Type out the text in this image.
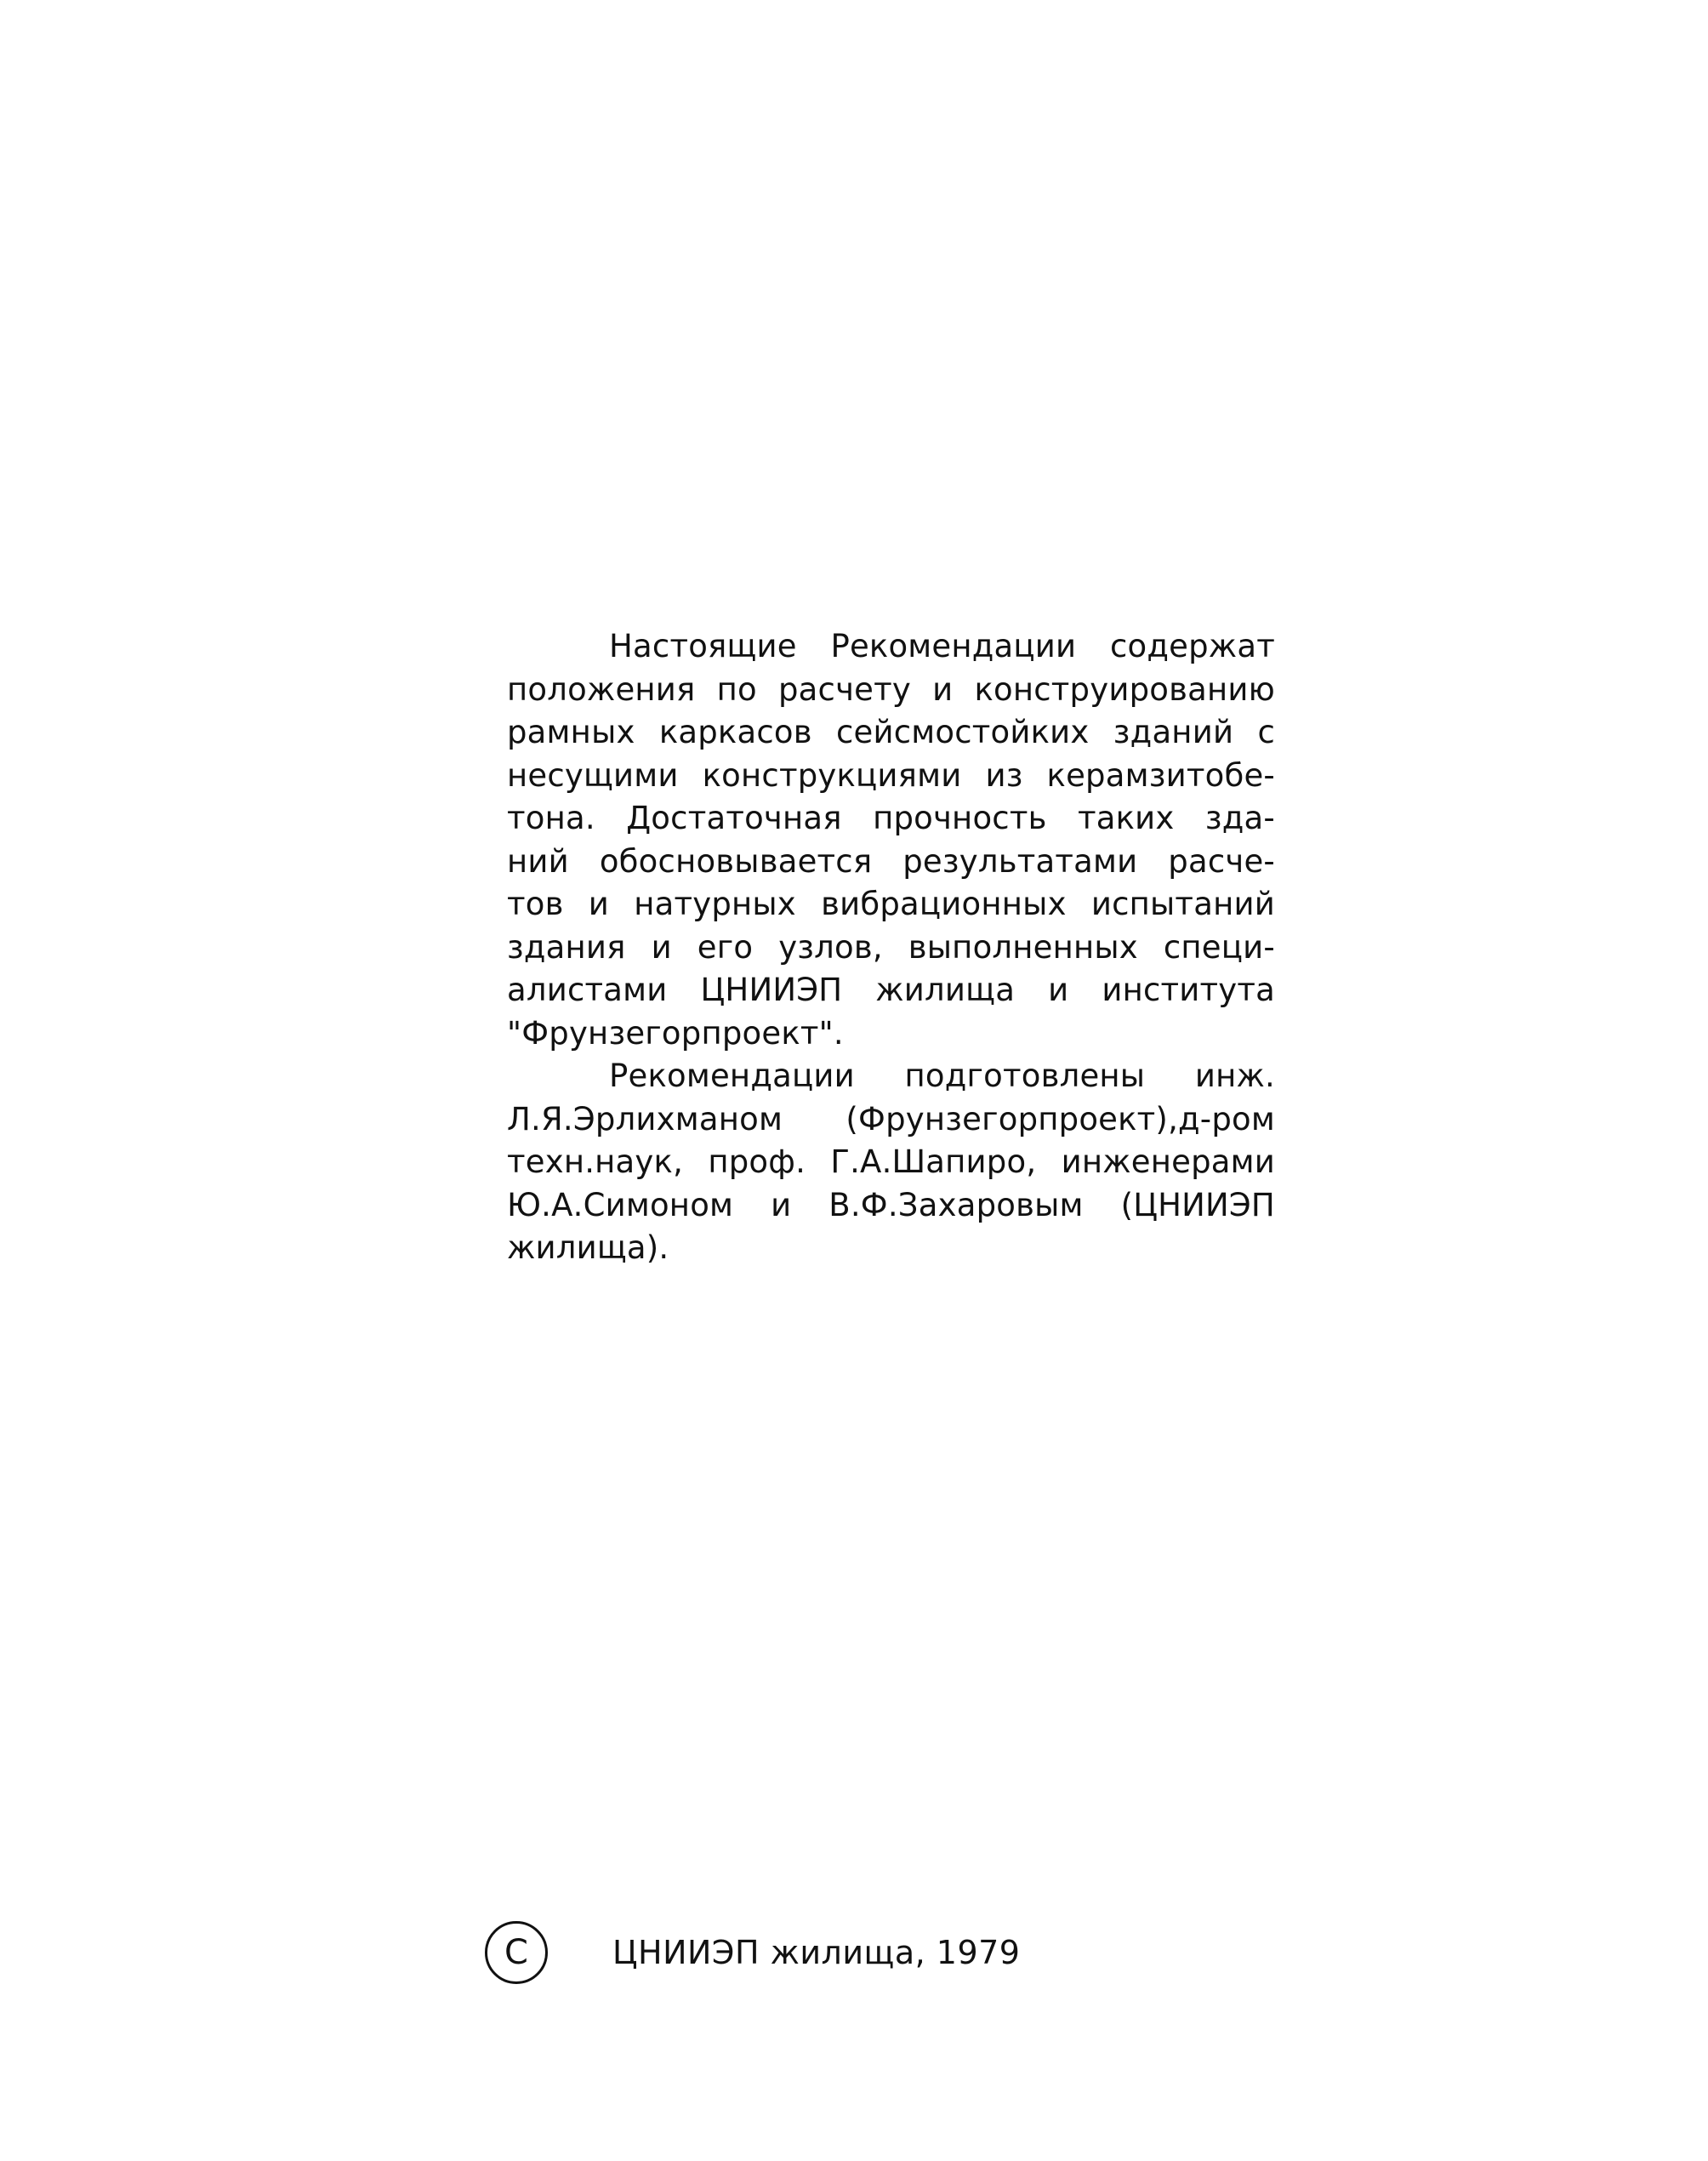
Настоящие Рекомендации содержат
положения по расчету и конструированию
рамных каркасов сейсмостойких зданий с
несущими конструкциями из керамзитобе-
тона. Достаточная прочность таких зда-
ний обосновывается результатами расче-
тов и натурных вибрационных испытаний
здания и его узлов, выполненных специ-
алистами ЦНИИЭП жилища и института
"Фрунзегорпроект".
Рекомендации подготовлены инж.
Л.Я.Эрлихманом (Фрунзегорпроект),д-ром
техн.наук, проф. Г.А.Шапиро, инженерами
Ю.А.Симоном и В.Ф.Захаровым (ЦНИИЭП
жилища).
С	ЦНИИЭП жилища, 1979
